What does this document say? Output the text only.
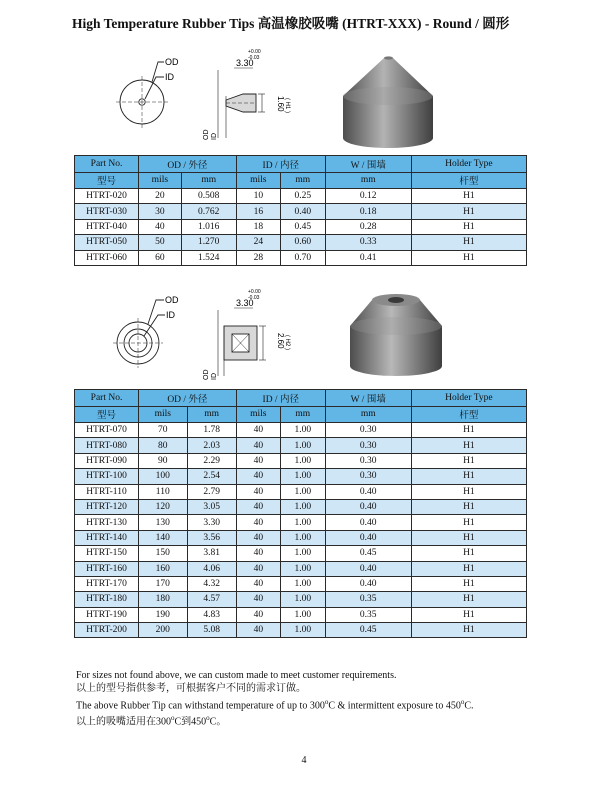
High Temperature Rubber Tips 高温橡胶吸嘴 (HTRT-XXX) - Round / 圆形
OD
ID
3.30
+0.00
-0.03
1.60 ( H1 )
OD ID
Part No.	OD / 外径		ID / 内径		W / 围墙	Holder Type
型号	mils	mm	mils	mm	mm	杆型
HTRT-020	20	0.508	10	0.25	0.12	H1
HTRT-030	30	0.762	16	0.40	0.18	H1
HTRT-040	40	1.016	18	0.45	0.28	H1
HTRT-050	50	1.270	24	0.60	0.33	H1
HTRT-060	60	1.524	28	0.70	0.41	H1
OD
ID
3.30
+0.00
-0.03
2.60 ( H2 )
OD ID
Part No.	OD / 外径		ID / 内径		W / 围墙	Holder Type
型号	mils	mm	mils	mm	mm	杆型
HTRT-070	70	1.78	40	1.00	0.30	H1
HTRT-080	80	2.03	40	1.00	0.30	H1
HTRT-090	90	2.29	40	1.00	0.30	H1
HTRT-100	100	2.54	40	1.00	0.30	H1
HTRT-110	110	2.79	40	1.00	0.40	H1
HTRT-120	120	3.05	40	1.00	0.40	H1
HTRT-130	130	3.30	40	1.00	0.40	H1
HTRT-140	140	3.56	40	1.00	0.40	H1
HTRT-150	150	3.81	40	1.00	0.45	H1
HTRT-160	160	4.06	40	1.00	0.40	H1
HTRT-170	170	4.32	40	1.00	0.40	H1
HTRT-180	180	4.57	40	1.00	0.35	H1
HTRT-190	190	4.83	40	1.00	0.35	H1
HTRT-200	200	5.08	40	1.00	0.45	H1
For sizes not found above, we can custom made to meet customer requirements.
以上的型号指供参考，可根据客户不同的需求订做。
The above Rubber Tip can withstand temperature of up to 300$^o$C & intermittent exposure to 450$^o$C.
以上的吸嘴适用在300$^o$C到450$^o$C。
4
